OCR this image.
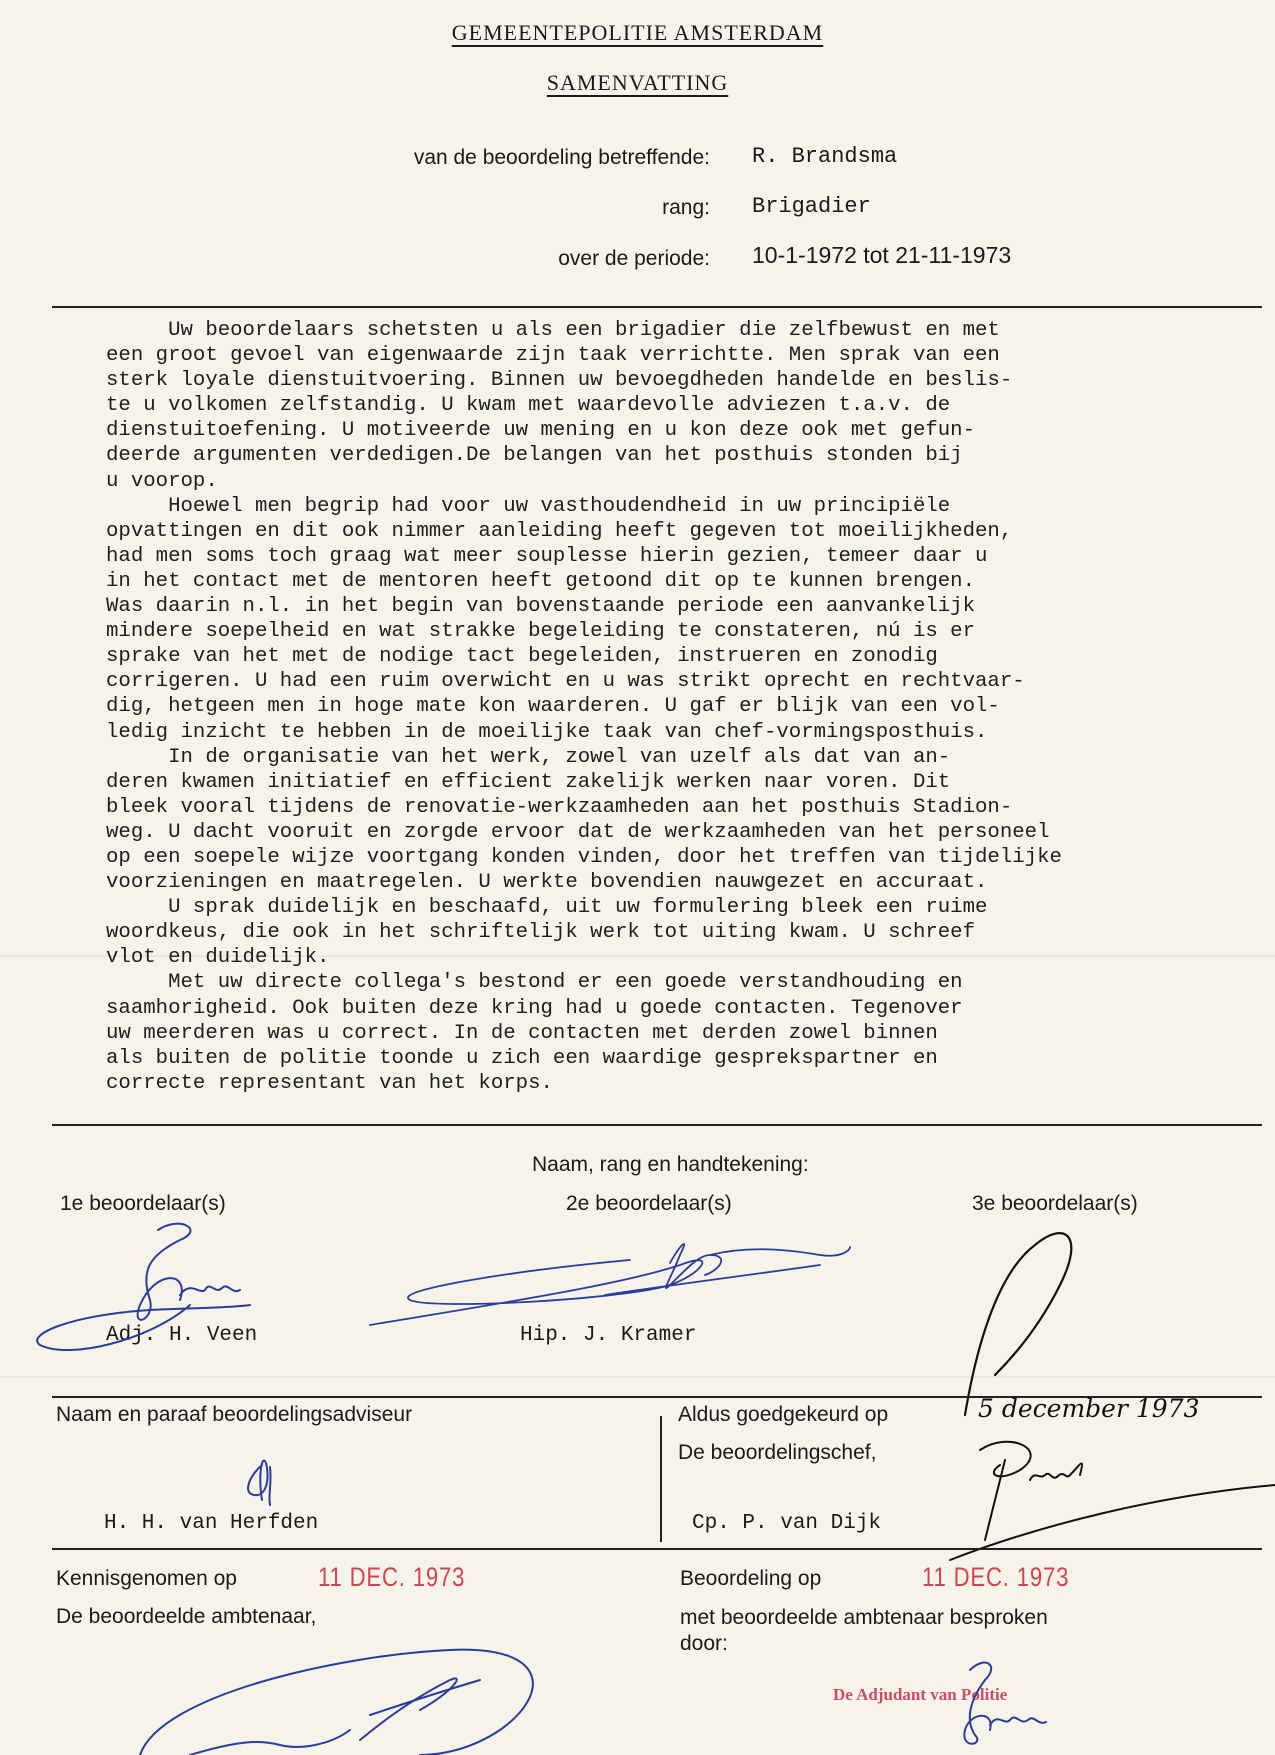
GEMEENTEPOLITIE AMSTERDAM
SAMENVATTING
van de beoordeling betreffende: R. Brandsma
rang: Brigadier
over de periode: 10-1-1972 tot 21-11-1973
Uw beoordelaars schetsten u als een brigadier die zelfbewust en met
een groot gevoel van eigenwaarde zijn taak verrichtte. Men sprak van een
sterk loyale dienstuitvoering. Binnen uw bevoegdheden handelde en beslis-
te u volkomen zelfstandig. U kwam met waardevolle adviezen t.a.v. de
dienstuitoefening. U motiveerde uw mening en u kon deze ook met gefun-
deerde argumenten verdedigen.De belangen van het posthuis stonden bij
u voorop.
Hoewel men begrip had voor uw vasthoudendheid in uw principiële
opvattingen en dit ook nimmer aanleiding heeft gegeven tot moeilijkheden,
had men soms toch graag wat meer souplesse hierin gezien, temeer daar u
in het contact met de mentoren heeft getoond dit op te kunnen brengen.
Was daarin n.l. in het begin van bovenstaande periode een aanvankelijk
mindere soepelheid en wat strakke begeleiding te constateren, nú is er
sprake van het met de nodige tact begeleiden, instrueren en zonodig
corrigeren. U had een ruim overwicht en u was strikt oprecht en rechtvaar-
dig, hetgeen men in hoge mate kon waarderen. U gaf er blijk van een vol-
ledig inzicht te hebben in de moeilijke taak van chef-vormingsposthuis.
In de organisatie van het werk, zowel van uzelf als dat van an-
deren kwamen initiatief en efficient zakelijk werken naar voren. Dit
bleek vooral tijdens de renovatie-werkzaamheden aan het posthuis Stadion-
weg. U dacht vooruit en zorgde ervoor dat de werkzaamheden van het personeel
op een soepele wijze voortgang konden vinden, door het treffen van tijdelijke
voorzieningen en maatregelen. U werkte bovendien nauwgezet en accuraat.
U sprak duidelijk en beschaafd, uit uw formulering bleek een ruime
woordkeus, die ook in het schriftelijk werk tot uiting kwam. U schreef
vlot en duidelijk.
Met uw directe collega's bestond er een goede verstandhouding en
saamhorigheid. Ook buiten deze kring had u goede contacten. Tegenover
uw meerderen was u correct. In de contacten met derden zowel binnen
als buiten de politie toonde u zich een waardige gesprekspartner en
correcte representant van het korps.
Naam, rang en handtekening:
1e beoordelaar(s)	2e beoordelaar(s)	3e beoordelaar(s)
Adj. H. Veen	Hip. J. Kramer
Naam en paraaf beoordelingsadviseur
H. H. van Herfden
Aldus goedgekeurd op	5 december 1973
De beoordelingschef,
Cp. P. van Dijk
Kennisgenomen op	11 DEC. 1973
De beoordeelde ambtenaar,
Beoordeling op	11 DEC. 1973
met beoordeelde ambtenaar besproken
door:
De Adjudant van Politie
